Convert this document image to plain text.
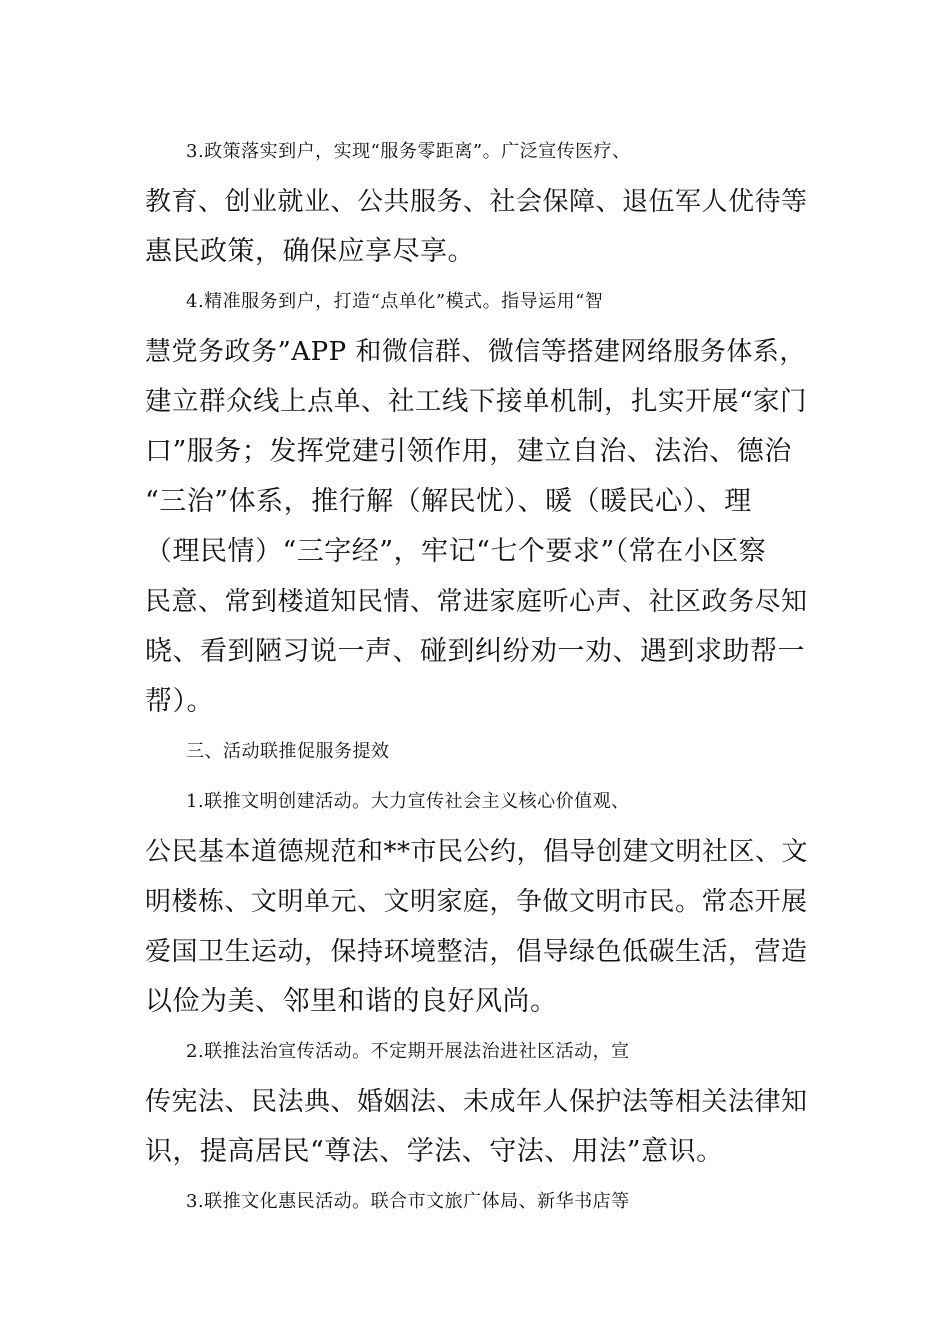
3.政策落实到户，实现“服务零距离”。广泛宣传医疗、
教育、创业就业、公共服务、社会保障、退伍军人优待等
惠民政策，确保应享尽享。
4.精准服务到户，打造“点单化”模式。指导运用“智
慧党务政务”APP 和微信群、微信等搭建网络服务体系，
建立群众线上点单、社工线下接单机制，扎实开展“家门
口”服务；发挥党建引领作用，建立自治、法治、德治
“三治”体系，推行解（解民忧）、暖（暖民心）、理
（理民情）“三字经”，牢记“七个要求”（常在小区察
民意、常到楼道知民情、常进家庭听心声、社区政务尽知
晓、看到陋习说一声、碰到纠纷劝一劝、遇到求助帮一
帮）。
三、活动联推促服务提效
1.联推文明创建活动。大力宣传社会主义核心价值观、
公民基本道德规范和**市民公约，倡导创建文明社区、文
明楼栋、文明单元、文明家庭，争做文明市民。常态开展
爱国卫生运动，保持环境整洁，倡导绿色低碳生活，营造
以俭为美、邻里和谐的良好风尚。
2.联推法治宣传活动。不定期开展法治进社区活动，宣
传宪法、民法典、婚姻法、未成年人保护法等相关法律知
识，提高居民“尊法、学法、守法、用法”意识。
3.联推文化惠民活动。联合市文旅广体局、新华书店等
